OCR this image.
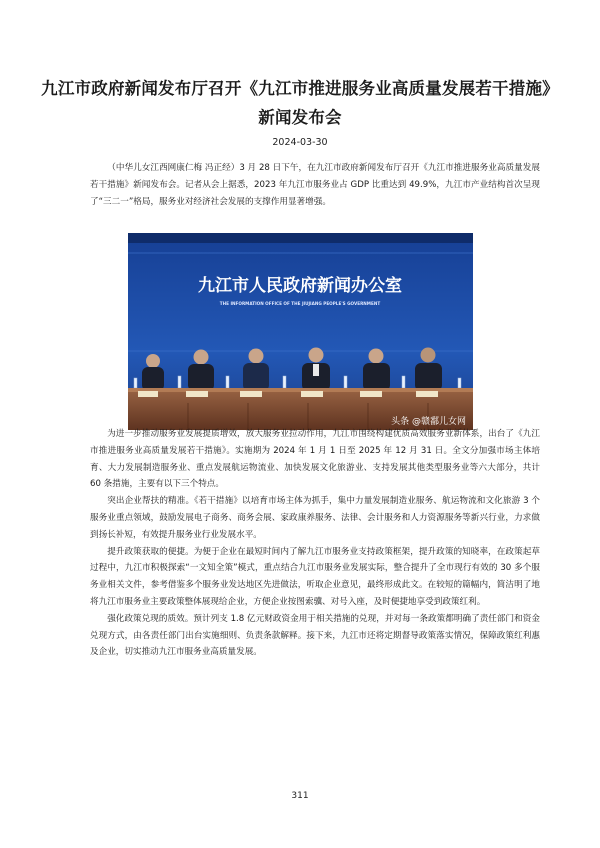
九江市政府新闻发布厅召开《九江市推进服务业高质量发展若干措施》新闻发布会
2024-03-30

（中华儿女江西网康仁梅 冯正经）3 月 28 日下午，在九江市政府新闻发布厅召开《九江市推进服务业高质量发展若干措施》新闻发布会。记者从会上据悉，2023 年九江市服务业占 GDP 比重达到 49.9%，九江市产业结构首次呈现了“三二一”格局，服务业对经济社会发展的支撑作用显著增强。

九江市人民政府新闻办公室
THE INFORMATION OFFICE OF THE JIUJIANG PEOPLE'S GOVERNMENT
头条 @赣鄱儿女网

为进一步推动服务业发展提质增效，放大服务业拉动作用，九江市围绕构建优质高效服务业新体系，出台了《九江市推进服务业高质量发展若干措施》。实施期为 2024 年 1 月 1 日至 2025 年 12 月 31 日。全文分加强市场主体培育、大力发展制造服务业、重点发展航运物流业、加快发展文化旅游业、支持发展其他类型服务业等六大部分，共计 60 条措施，主要有以下三个特点。

突出企业帮扶的精准。《若干措施》以培育市场主体为抓手，集中力量发展制造业服务、航运物流和文化旅游 3 个服务业重点领域，鼓励发展电子商务、商务会展、家政康养服务、法律、会计服务和人力资源服务等新兴行业，力求做到扬长补短，有效提升服务业行业发展水平。

提升政策获取的便捷。为便于企业在最短时间内了解九江市服务业支持政策框架，提升政策的知晓率，在政策起草过程中，九江市积极探索“一文知全策”模式，重点结合九江市服务业发展实际，整合提升了全市现行有效的 30 多个服务业相关文件，参考借鉴多个服务业发达地区先进做法，听取企业意见，最终形成此文。在较短的篇幅内，简洁明了地将九江市服务业主要政策整体展现给企业，方便企业按图索骥、对号入座，及时便捷地享受到政策红利。

强化政策兑现的质效。预计列支 1.8 亿元财政资金用于相关措施的兑现，并对每一条政策都明确了责任部门和资金兑现方式，由各责任部门出台实施细则、负责条款解释。接下来，九江市还将定期督导政策落实情况，保障政策红利惠及企业，切实推动九江市服务业高质量发展。

311
